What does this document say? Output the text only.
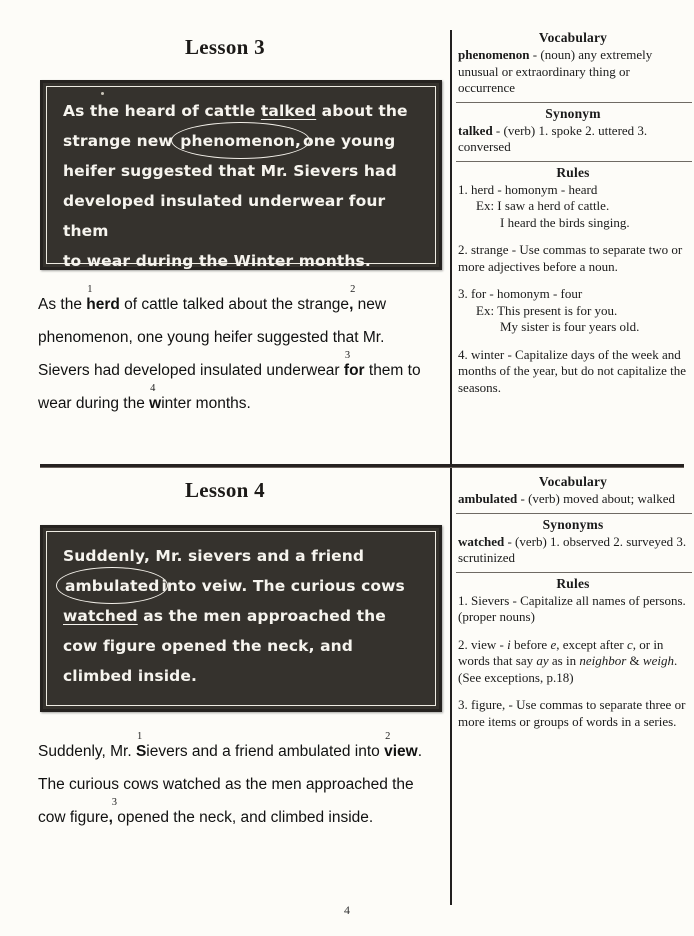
Lesson 3
As the heard of cattle talked about the
strange new phenomenon, one young
heifer suggested that Mr. Sievers had
developed insulated underwear four them
to wear during the Winter months.
As the
1
herd of cattle talked about the strange
2
, new phenomenon, one young heifer suggested that Mr. Sievers had developed insulated underwear
3
for them to wear during the
4
winter months.
Vocabulary
phenomenon - (noun) any extremely unusual or extraordinary thing or occurrence
Synonym
talked - (verb) 1. spoke 2. uttered 3. conversed
Rules
1. herd - homonym - heard
Ex: I saw a herd of cattle.
I heard the birds singing.
2. strange - Use commas to separate two or more adjectives before a noun.
3. for - homonym - four
Ex: This present is for you.
My sister is four years old.
4. winter - Capitalize days of the week and months of the year, but do not capitalize the seasons.
Lesson 4
Suddenly, Mr. sievers and a friend
ambulated into veiw. The curious cows
watched as the men approached the
cow figure opened the neck, and
climbed inside.
Suddenly, Mr.
1
Sievers and a friend ambulated into
2
view. The curious cows watched as the men approached the cow figure
3
, opened the neck, and climbed inside.
Vocabulary
ambulated - (verb) moved about; walked
Synonyms
watched - (verb) 1. observed 2. surveyed 3. scrutinized
Rules
1. Sievers - Capitalize all names of persons. (proper nouns)
2. view - i before e, except after c, or in words that say ay as in neighbor & weigh. (See exceptions, p.18)
3. figure, - Use commas to separate three or more items or groups of words in a series.
4
